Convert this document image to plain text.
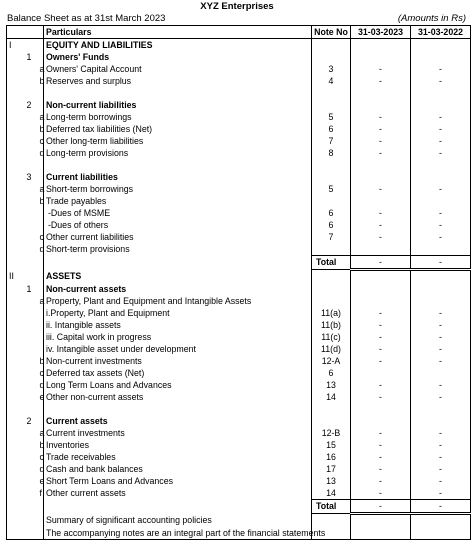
XYZ Enterprises
Balance Sheet as at 31st March 2023	(Amounts in Rs)
			Particulars	Note No	31-03-2023	31-03-2022
I			EQUITY AND LIABILITIES			
	1		Owners' Funds			
		a	Owners' Capital Account	3	-	-
		b	Reserves and surplus	4	-	-

	2		Non-current liabilities			
		a	Long-term borrowings	5	-	-
		b	Deferred tax liabilities (Net)	6	-	-
		c	Other long-term liabilities	7	-	-
		d	Long-term provisions	8	-	-

	3		Current liabilities			
		a	Short-term borrowings	5	-	-
		b	Trade payables			
			-Dues of MSME	6	-	-
			-Dues of others	6	-	-
		c	Other current liabilities	7	-	-
		d	Short-term provisions			
				Total	-	-
II			ASSETS			
	1		Non-current assets			
		a	Property, Plant and Equipment and Intangible Assets			
			i.Property, Plant and Equipment	11(a)	-	-
			ii. Intangible assets	11(b)	-	-
			iii. Capital work in progress	11(c)	-	-
			iv. Intangible asset under development	11(d)	-	-
		b	Non-current investments	12-A	-	-
		c	Deferred tax assets (Net)	6		
		d	Long Term Loans and Advances	13	-	-
		e	Other non-current assets	14	-	-

	2		Current assets			
		a	Current investments	12-B	-	-
		b	Inventories	15	-	-
		c	Trade receivables	16	-	-
		d	Cash and bank balances	17	-	-
		e	Short Term Loans and Advances	13	-	-
		f	Other current assets	14	-	-
				Total	-	-
			Summary of significant accounting policies			
			The accompanying notes are an integral part of the financial statements			
